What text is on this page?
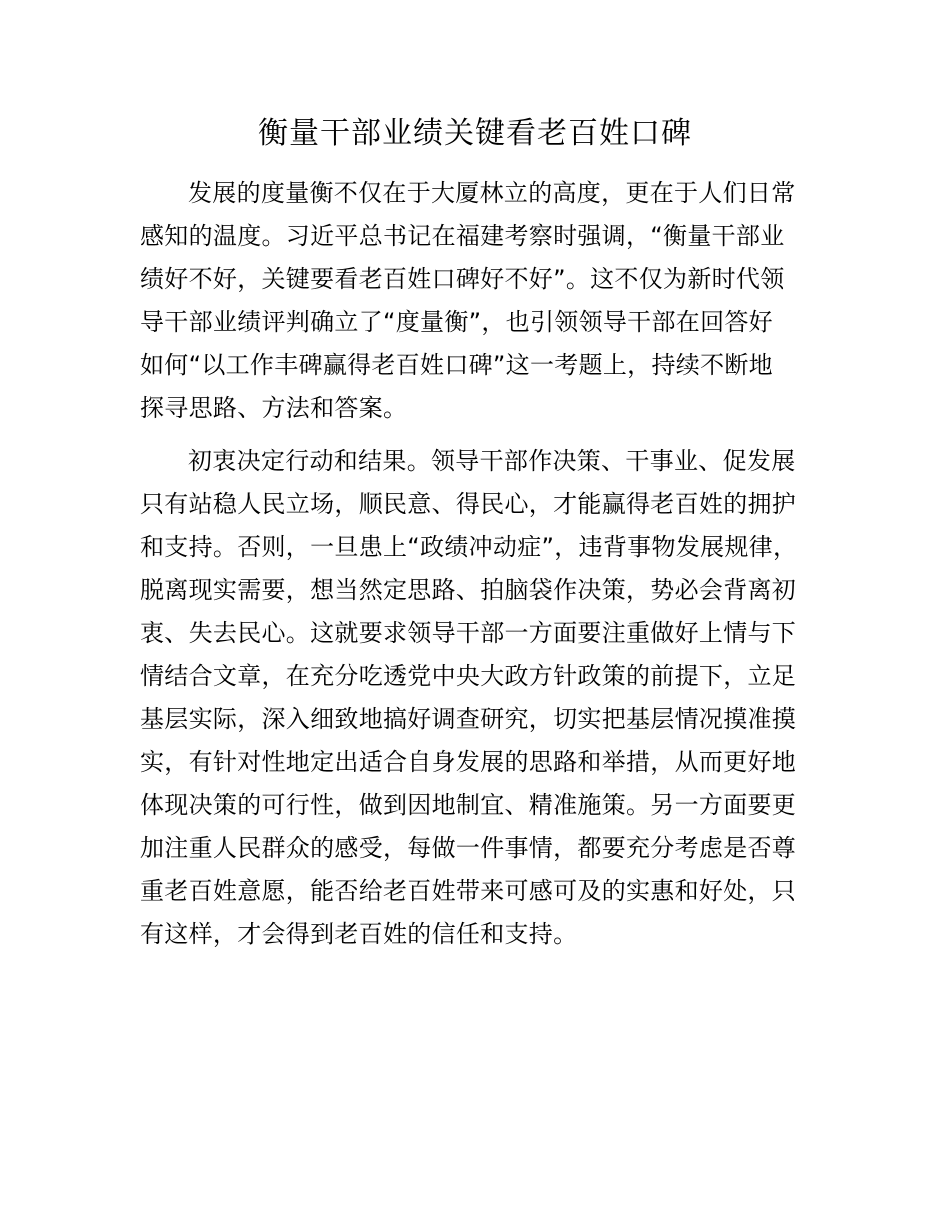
衡量干部业绩关键看老百姓口碑
发展的度量衡不仅在于大厦林立的高度，更在于人们日常
感知的温度。习近平总书记在福建考察时强调，“衡量干部业
绩好不好，关键要看老百姓口碑好不好”。这不仅为新时代领
导干部业绩评判确立了“度量衡”，也引领领导干部在回答好
如何“以工作丰碑赢得老百姓口碑”这一考题上，持续不断地
探寻思路、方法和答案。
初衷决定行动和结果。领导干部作决策、干事业、促发展
只有站稳人民立场，顺民意、得民心，才能赢得老百姓的拥护
和支持。否则，一旦患上“政绩冲动症”，违背事物发展规律，
脱离现实需要，想当然定思路、拍脑袋作决策，势必会背离初
衷、失去民心。这就要求领导干部一方面要注重做好上情与下
情结合文章，在充分吃透党中央大政方针政策的前提下，立足
基层实际，深入细致地搞好调查研究，切实把基层情况摸准摸
实，有针对性地定出适合自身发展的思路和举措，从而更好地
体现决策的可行性，做到因地制宜、精准施策。另一方面要更
加注重人民群众的感受，每做一件事情，都要充分考虑是否尊
重老百姓意愿，能否给老百姓带来可感可及的实惠和好处，只
有这样，才会得到老百姓的信任和支持。
